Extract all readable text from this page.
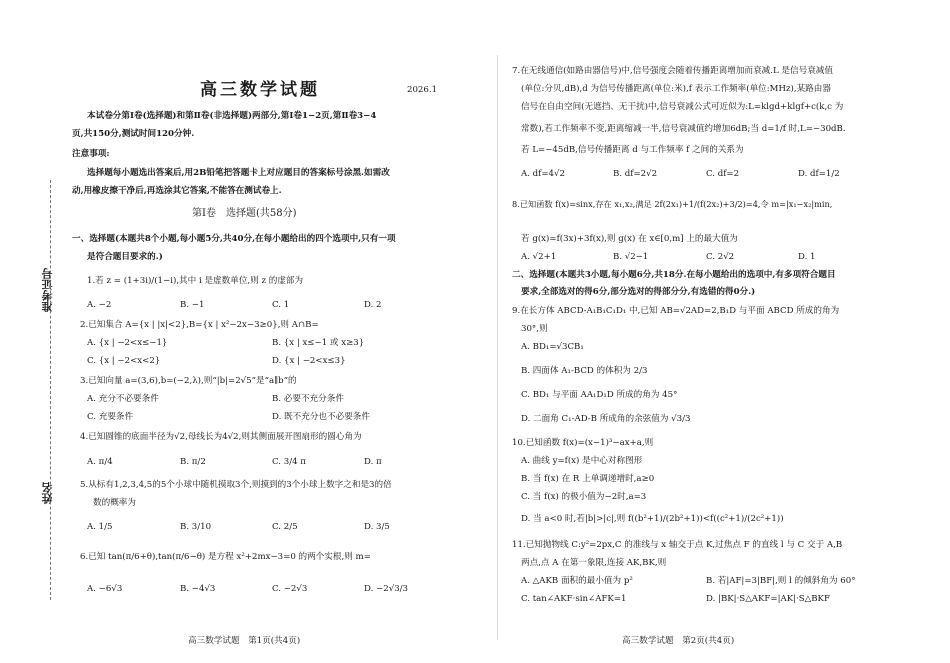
准考证号
姓名
高三数学试题	2026.1
本试卷分第Ⅰ卷(选择题)和第Ⅱ卷(非选择题)两部分,第Ⅰ卷1−2页,第Ⅱ卷3−4
页,共150分,测试时间120分钟.
注意事项:
选择题每小题选出答案后,用2B铅笔把答题卡上对应题目的答案标号涂黑.如需改
动,用橡皮擦干净后,再选涂其它答案,不能答在测试卷上.
第Ⅰ卷　选择题(共58分)
一、选择题(本题共8个小题,每小题5分,共40分,在每小题给出的四个选项中,只有一项
是符合题目要求的.)
1.若 z = (1+3i)/(1−i),其中 i 是虚数单位,则 z 的虚部为
A. −2	B. −1	C. 1	D. 2
2.已知集合 A={x | |x|<2},B={x | x²−2x−3≥0},则 A∩B=
A. {x | −2<x≤−1}	B. {x | x≤−1 或 x≥3}
C. {x | −2<x<2}	D. {x | −2<x≤3}
3.已知向量 a=(3,6),b=(−2,λ),则“|b|=2√5”是“a∥b”的
A. 充分不必要条件	B. 必要不充分条件
C. 充要条件	D. 既不充分也不必要条件
4.已知圆锥的底面半径为√2,母线长为4√2,则其侧面展开图扇形的圆心角为
A. π/4	B. π/2	C. 3/4 π	D. π
5.从标有1,2,3,4,5的5个小球中随机摸取3个,则摸到的3个小球上数字之和是3的倍
数的概率为
A. 1/5	B. 3/10	C. 2/5	D. 3/5
6.已知 tan(π/6+θ),tan(π/6−θ) 是方程 x²+2mx−3=0 的两个实根,则 m=
A. −6√3	B. −4√3	C. −2√3	D. −2√3/3
高三数学试题　第1页(共4页)
7.在无线通信(如路由器信号)中,信号强度会随着传播距离增加而衰减.L 是信号衰减值
(单位:分贝,dB),d 为信号传播距离(单位:米),f 表示工作频率(单位:MHz),某路由器
信号在自由空间(无遮挡、无干扰)中,信号衰减公式可近似为:L=klgd+klgf+c(k,c 为
常数),若工作频率不变,距离缩减一半,信号衰减值约增加6dB;当 d=1/f 时,L=−30dB.
若 L=−45dB,信号传播距离 d 与工作频率 f 之间的关系为
A. df=4√2	B. df=2√2	C. df=2	D. df=1/2
8.已知函数 f(x)=sinx,存在 x₁,x₂,满足 2f(2x₁)+1/(f(2x₂)+3/2)=4,令 m=|x₁−x₂|min,
若 g(x)=f(3x)+3f(x),则 g(x) 在 x∈[0,m] 上的最大值为
A. √2+1	B. √2−1	C. 2√2	D. 1
二、选择题(本题共3小题,每小题6分,共18分.在每小题给出的选项中,有多项符合题目
要求,全部选对的得6分,部分选对的得部分分,有选错的得0分.)
9.在长方体 ABCD-A₁B₁C₁D₁ 中,已知 AB=√2AD=2,B₁D 与平面 ABCD 所成的角为
30°,则
A. BD₁=√3CB₁
B. 四面体 A₁-BCD 的体积为 2/3
C. BD₁ 与平面 AA₁D₁D 所成的角为 45°
D. 二面角 C₁-AD-B 所成角的余弦值为 √3/3
10.已知函数 f(x)=(x−1)³−ax+a,则
A. 曲线 y=f(x) 是中心对称图形
B. 当 f(x) 在 R 上单调递增时,a≥0
C. 当 f(x) 的极小值为−2时,a=3
D. 当 a<0 时,若|b|>|c|,则 f((b²+1)/(2b²+1))<f((c²+1)/(2c²+1))
11.已知抛物线 C:y²=2px,C 的准线与 x 轴交于点 K,过焦点 F 的直线 l 与 C 交于 A,B
两点,点 A 在第一象限,连接 AK,BK,则
A. △AKB 面积的最小值为 p²	B. 若|AF|=3|BF|,则 l 的倾斜角为 60°
C. tan∠AKF·sin∠AFK=1	D. |BK|·S△AKF=|AK|·S△BKF
高三数学试题　第2页(共4页)
